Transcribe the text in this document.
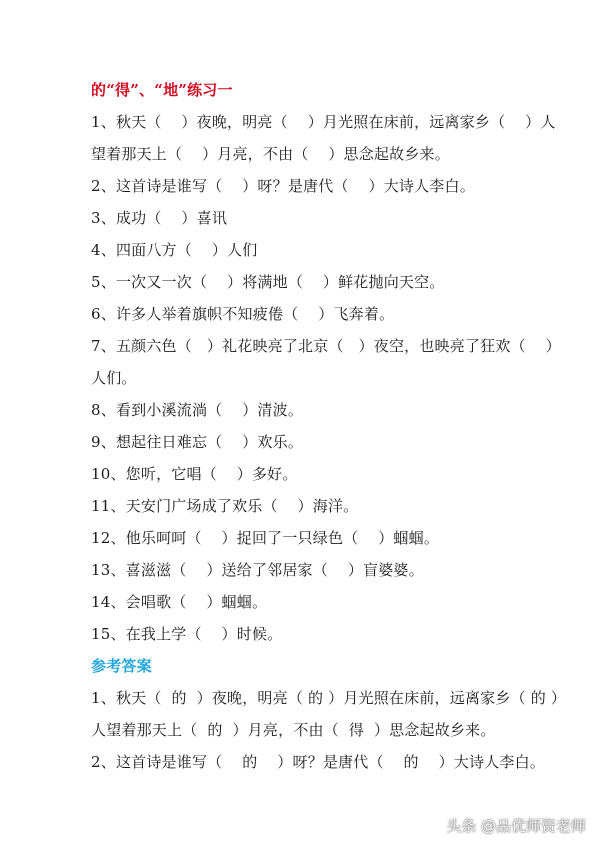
的“得”、“地”练习一
1、秋天（    ）夜晚，明亮（    ）月光照在床前，远离家乡（    ）人
望着那天上（    ）月亮，不由（    ）思念起故乡来。
2、这首诗是谁写（    ）呀？是唐代（    ）大诗人李白。
3、成功（    ）喜讯
4、四面八方（    ）人们
5、一次又一次（    ）将满地（    ）鲜花抛向天空。
6、许多人举着旗帜不知疲倦（    ）飞奔着。
7、五颜六色（   ）礼花映亮了北京（   ）夜空，也映亮了狂欢（    ）
人们。
8、看到小溪流淌（    ）清波。
9、想起往日难忘（    ）欢乐。
10、您听，它唱（    ）多好。
11、天安门广场成了欢乐（    ）海洋。
12、他乐呵呵（    ）捉回了一只绿色（    ）蝈蝈。
13、喜滋滋（    ）送给了邻居家（    ）盲婆婆。
14、会唱歌（    ）蝈蝈。
15、在我上学（    ）时候。
参考答案
1、秋天（  的  ）夜晚，明亮（ 的 ）月光照在床前，远离家乡（ 的 ）
人望着那天上（  的  ）月亮，不由（  得  ）思念起故乡来。
2、这首诗是谁写（    的    ）呀？是唐代（    的    ）大诗人李白。
头条 @品优师资老师
